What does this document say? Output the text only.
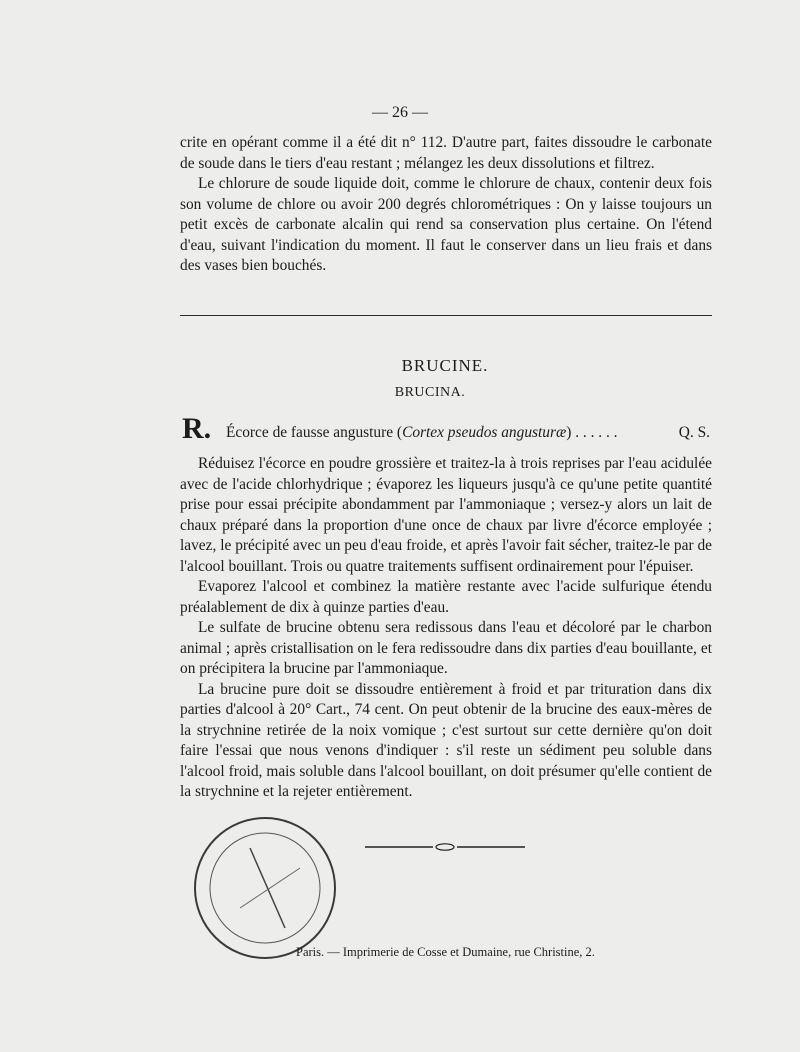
— 26 —

crite en opérant comme il a été dit n° 112. D'autre part, faites dissoudre le carbonate de soude dans le tiers d'eau restant ; mélangez les deux dissolutions et filtrez.

Le chlorure de soude liquide doit, comme le chlorure de chaux, contenir deux fois son volume de chlore ou avoir 200 degrés chlorométriques : On y laisse toujours un petit excès de carbonate alcalin qui rend sa conservation plus certaine. On l'étend d'eau, suivant l'indication du moment. Il faut le conserver dans un lieu frais et dans des vases bien bouchés.

BRUCINE.
BRUCINA.
R. Écorce de fausse angusture (Cortex pseudos angusturæ) . . . . . .	Q. S.

Réduisez l'écorce en poudre grossière et traitez-la à trois reprises par l'eau acidulée avec de l'acide chlorhydrique ; évaporez les liqueurs jusqu'à ce qu'une petite quantité prise pour essai précipite abondamment par l'ammoniaque ; versez-y alors un lait de chaux préparé dans la proportion d'une once de chaux par livre d'écorce employée ; lavez, le précipité avec un peu d'eau froide, et après l'avoir fait sécher, traitez-le par de l'alcool bouillant. Trois ou quatre traitements suffisent ordinairement pour l'épuiser.

Evaporez l'alcool et combinez la matière restante avec l'acide sulfurique étendu préalablement de dix à quinze parties d'eau.

Le sulfate de brucine obtenu sera redissous dans l'eau et décoloré par le charbon animal ; après cristallisation on le fera redissoudre dans dix parties d'eau bouillante, et on précipitera la brucine par l'ammoniaque.

La brucine pure doit se dissoudre entièrement à froid et par trituration dans dix parties d'alcool à 20° Cart., 74 cent. On peut obtenir de la brucine des eaux-mères de la strychnine retirée de la noix vomique ; c'est surtout sur cette dernière qu'on doit faire l'essai que nous venons d'indiquer : s'il reste un sédiment peu soluble dans l'alcool froid, mais soluble dans l'alcool bouillant, on doit présumer qu'elle contient de la strychnine et la rejeter entièrement.

Paris. — Imprimerie de Cosse et Dumaine, rue Christine, 2.
